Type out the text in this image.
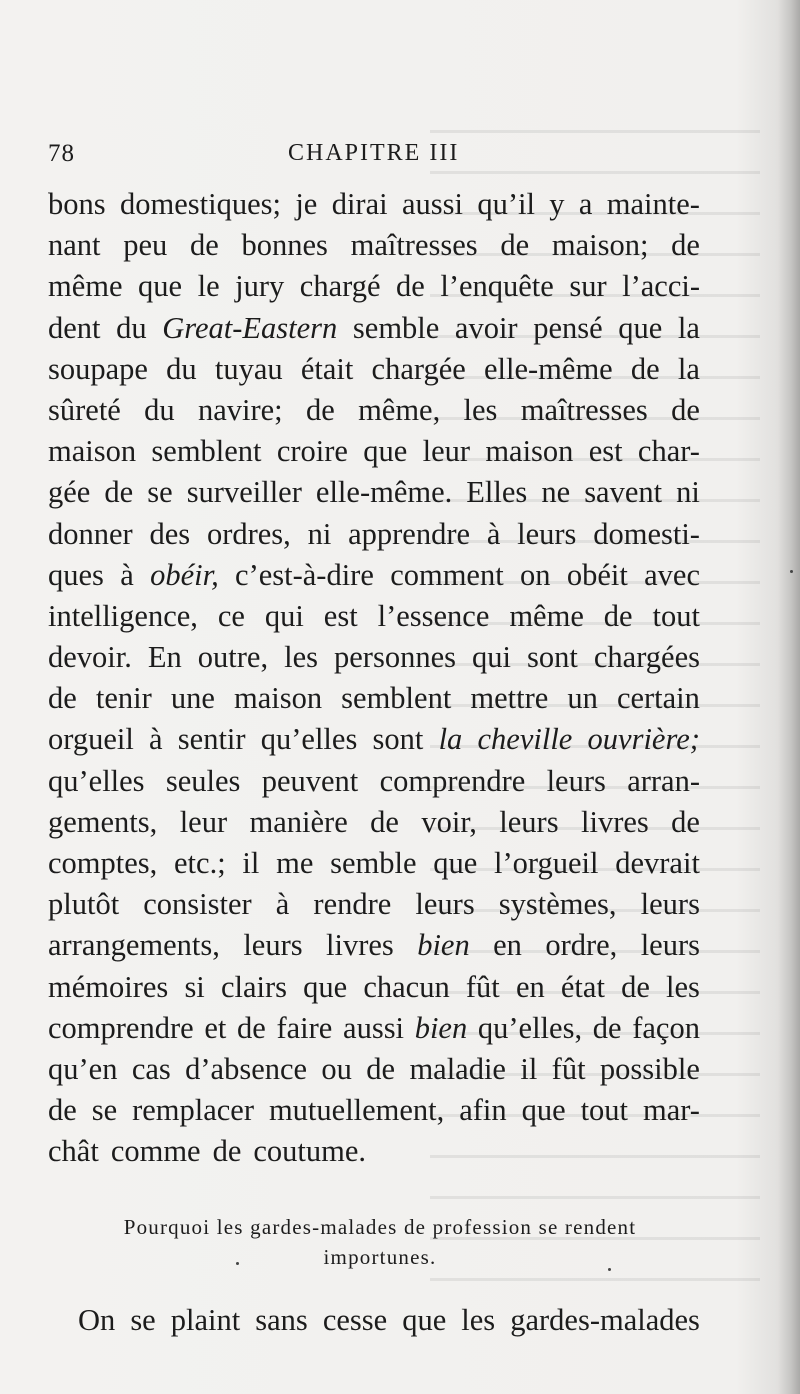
78	CHAPITRE III
bons domestiques; je dirai aussi qu’il y a mainte-
nant peu de bonnes maîtresses de maison; de
même que le jury chargé de l’enquête sur l’acci-
dent du Great-Eastern semble avoir pensé que la
soupape du tuyau était chargée elle-même de la
sûreté du navire; de même, les maîtresses de
maison semblent croire que leur maison est char-
gée de se surveiller elle-même. Elles ne savent ni
donner des ordres, ni apprendre à leurs domesti-
ques à obéir, c’est-à-dire comment on obéit avec
intelligence, ce qui est l’essence même de tout
devoir. En outre, les personnes qui sont chargées
de tenir une maison semblent mettre un certain
orgueil à sentir qu’elles sont la cheville ouvrière;
qu’elles seules peuvent comprendre leurs arran-
gements, leur manière de voir, leurs livres de
comptes, etc.; il me semble que l’orgueil devrait
plutôt consister à rendre leurs systèmes, leurs
arrangements, leurs livres bien en ordre, leurs
mémoires si clairs que chacun fût en état de les
comprendre et de faire aussi bien qu’elles, de façon
qu’en cas d’absence ou de maladie il fût possible
de se remplacer mutuellement, afin que tout mar-
chât comme de coutume.
Pourquoi les gardes-malades de profession se rendent
importunes.
On se plaint sans cesse que les gardes-malades
